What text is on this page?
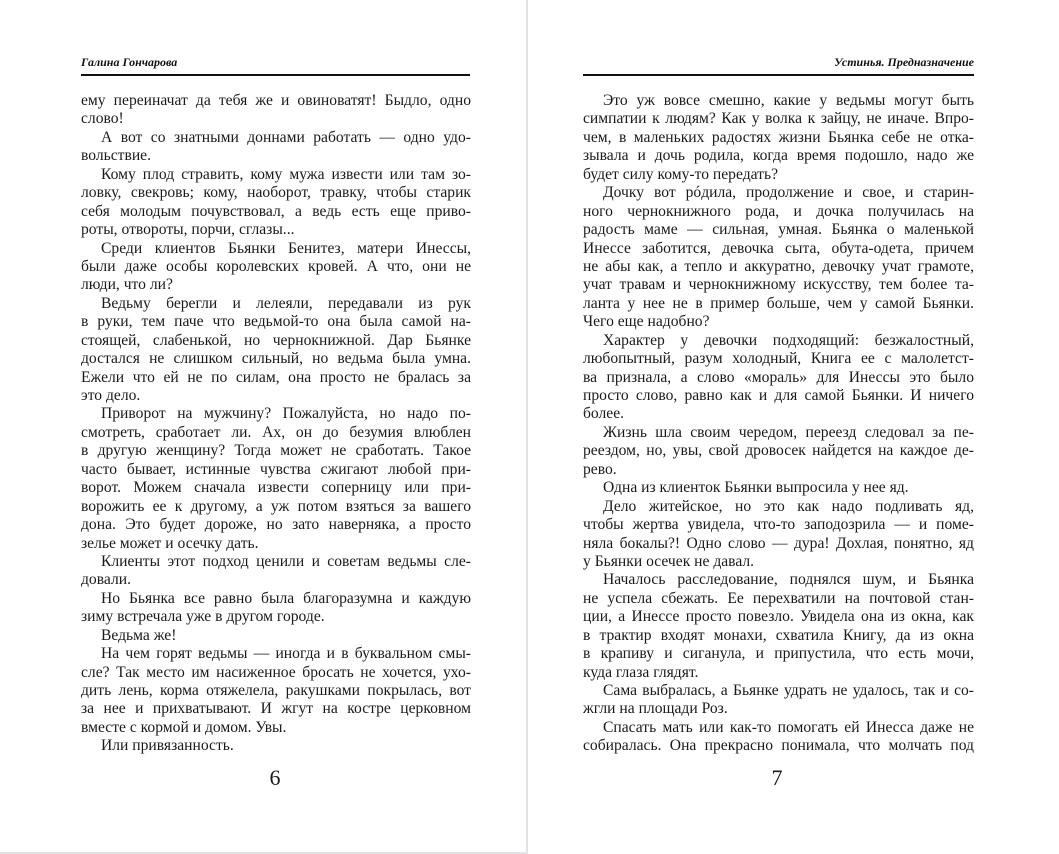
Галина Гончарова
ему переиначат да тебя же и овиноватят! Быдло, одно
слово!
А вот со знатными доннами работать — одно удо-
вольствие.
Кому плод стравить, кому мужа извести или там зо-
ловку, свекровь; кому, наоборот, травку, чтобы старик
себя молодым почувствовал, а ведь есть еще приво-
роты, отвороты, порчи, сглазы...
Среди клиентов Бьянки Бенитез, матери Инессы,
были даже особы королевских кровей. А что, они не
люди, что ли?
Ведьму берегли и лелеяли, передавали из рук
в руки, тем паче что ведьмой-то она была самой на-
стоящей, слабенькой, но чернокнижной. Дар Бьянке
достался не слишком сильный, но ведьма была умна.
Ежели что ей не по силам, она просто не бралась за
это дело.
Приворот на мужчину? Пожалуйста, но надо по-
смотреть, сработает ли. Ах, он до безумия влюблен
в другую женщину? Тогда может не сработать. Такое
часто бывает, истинные чувства сжигают любой при-
ворот. Можем сначала извести соперницу или при-
ворожить ее к другому, а уж потом взяться за вашего
дона. Это будет дороже, но зато наверняка, а просто
зелье может и осечку дать.
Клиенты этот подход ценили и советам ведьмы сле-
довали.
Но Бьянка все равно была благоразумна и каждую
зиму встречала уже в другом городе.
Ведьма же!
На чем горят ведьмы — иногда и в буквальном смы-
сле? Так место им насиженное бросать не хочется, ухо-
дить лень, корма отяжелела, ракушками покрылась, вот
за нее и прихватывают. И жгут на костре церковном
вместе с кормой и домом. Увы.
Или привязанность.
6
Устинья. Предназначение
Это уж вовсе смешно, какие у ведьмы могут быть
симпатии к людям? Как у волка к зайцу, не иначе. Впро-
чем, в маленьких радостях жизни Бьянка себе не отка-
зывала и дочь родила, когда время подошло, надо же
будет силу кому-то передать?
Дочку вот рóдила, продолжение и свое, и старин-
ного чернокнижного рода, и дочка получилась на
радость маме — сильная, умная. Бьянка о маленькой
Инессе заботится, девочка сыта, обута-одета, причем
не абы как, а тепло и аккуратно, девочку учат грамоте,
учат травам и чернокнижному искусству, тем более та-
ланта у нее не в пример больше, чем у самой Бьянки.
Чего еще надобно?
Характер у девочки подходящий: безжалостный,
любопытный, разум холодный, Книга ее с малолетст-
ва признала, а слово «мораль» для Инессы это было
просто слово, равно как и для самой Бьянки. И ничего
более.
Жизнь шла своим чередом, переезд следовал за пе-
реездом, но, увы, свой дровосек найдется на каждое де-
рево.
Одна из клиенток Бьянки выпросила у нее яд.
Дело житейское, но это как надо подливать яд,
чтобы жертва увидела, что-то заподозрила — и поме-
няла бокалы?! Одно слово — дура! Дохлая, понятно, яд
у Бьянки осечек не давал.
Началось расследование, поднялся шум, и Бьянка
не успела сбежать. Ее перехватили на почтовой стан-
ции, а Инессе просто повезло. Увидела она из окна, как
в трактир входят монахи, схватила Книгу, да из окна
в крапиву и сиганула, и припустила, что есть мочи,
куда глаза глядят.
Сама выбралась, а Бьянке удрать не удалось, так и со-
жгли на площади Роз.
Спасать мать или как-то помогать ей Инесса даже не
собиралась. Она прекрасно понимала, что молчать под
7
